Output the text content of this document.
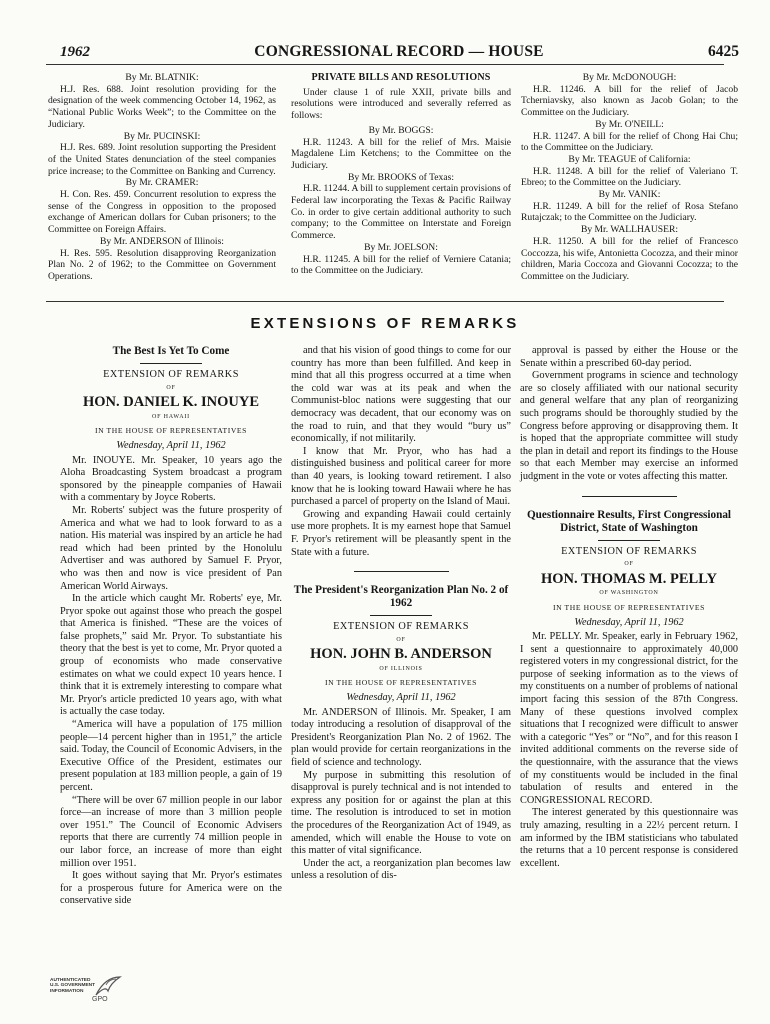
1962	CONGRESSIONAL RECORD — HOUSE	6425

By Mr. BLATNIK:

H.J. Res. 688. Joint resolution providing for the designation of the week commencing October 14, 1962, as “National Public Works Week”; to the Committee on the Judiciary.

By Mr. PUCINSKI:

H.J. Res. 689. Joint resolution supporting the President of the United States denunciation of the steel companies price increase; to the Committee on Banking and Currency.

By Mr. CRAMER:

H. Con. Res. 459. Concurrent resolution to express the sense of the Congress in opposition to the proposed exchange of American dollars for Cuban prisoners; to the Committee on Foreign Affairs.

By Mr. ANDERSON of Illinois:

H. Res. 595. Resolution disapproving Reorganization Plan No. 2 of 1962; to the Committee on Government Operations.

PRIVATE BILLS AND RESOLUTIONS

Under clause 1 of rule XXII, private bills and resolutions were introduced and severally referred as follows:

By Mr. BOGGS:

H.R. 11243. A bill for the relief of Mrs. Maisie Magdalene Lim Ketchens; to the Committee on the Judiciary.

By Mr. BROOKS of Texas:

H.R. 11244. A bill to supplement certain provisions of Federal law incorporating the Texas & Pacific Railway Co. in order to give certain additional authority to such company; to the Committee on Interstate and Foreign Commerce.

By Mr. JOELSON:

H.R. 11245. A bill for the relief of Verniere Catania; to the Committee on the Judiciary.

By Mr. McDONOUGH:

H.R. 11246. A bill for the relief of Jacob Tcherniavsky, also known as Jacob Golan; to the Committee on the Judiciary.

By Mr. O'NEILL:

H.R. 11247. A bill for the relief of Chong Hai Chu; to the Committee on the Judiciary.

By Mr. TEAGUE of California:

H.R. 11248. A bill for the relief of Valeriano T. Ebreo; to the Committee on the Judiciary.

By Mr. VANIK:

H.R. 11249. A bill for the relief of Rosa Stefano Rutajczak; to the Committee on the Judiciary.

By Mr. WALLHAUSER:

H.R. 11250. A bill for the relief of Francesco Coccozza, his wife, Antonietta Cocozza, and their minor children, Maria Coccoza and Giovanni Cocozza; to the Committee on the Judiciary.

EXTENSIONS OF REMARKS
The Best Is Yet To Come
EXTENSION OF REMARKS
OF
HON. DANIEL K. INOUYE
OF HAWAII
IN THE HOUSE OF REPRESENTATIVES
Wednesday, April 11, 1962

Mr. INOUYE. Mr. Speaker, 10 years ago the Aloha Broadcasting System broadcast a program sponsored by the pineapple companies of Hawaii with a commentary by Joyce Roberts.

Mr. Roberts' subject was the future prosperity of America and what we had to look forward to as a nation. His material was inspired by an article he had read which had been printed by the Honolulu Advertiser and was authored by Samuel F. Pryor, who was then and now is vice president of Pan American World Airways.

In the article which caught Mr. Roberts' eye, Mr. Pryor spoke out against those who preach the gospel that America is finished. “These are the voices of false prophets,” said Mr. Pryor. To substantiate his theory that the best is yet to come, Mr. Pryor quoted a group of economists who made conservative estimates on what we could expect 10 years hence. I think that it is extremely interesting to compare what Mr. Pryor's article predicted 10 years ago, with what is actually the case today.

“America will have a population of 175 million people—14 percent higher than in 1951,” the article said. Today, the Council of Economic Advisers, in the Executive Office of the President, estimates our present population at 183 million people, a gain of 19 percent.

“There will be over 67 million people in our labor force—an increase of more than 3 million people over 1951.” The Council of Economic Advisers reports that there are currently 74 million people in our labor force, an increase of more than eight million over 1951.

It goes without saying that Mr. Pryor's estimates for a prosperous future for America were on the conservative side

and that his vision of good things to come for our country has more than been fulfilled. And keep in mind that all this progress occurred at a time when the cold war was at its peak and when the Communist-bloc nations were suggesting that our democracy was decadent, that our economy was on the road to ruin, and that they would “bury us” economically, if not militarily.

I know that Mr. Pryor, who has had a distinguished business and political career for more than 40 years, is looking toward retirement. I also know that he is looking toward Hawaii where he has purchased a parcel of property on the Island of Maui.

Growing and expanding Hawaii could certainly use more prophets. It is my earnest hope that Samuel F. Pryor's retirement will be pleasantly spent in the State with a future.

The President's Reorganization Plan No. 2 of 1962
EXTENSION OF REMARKS
OF
HON. JOHN B. ANDERSON
OF ILLINOIS
IN THE HOUSE OF REPRESENTATIVES
Wednesday, April 11, 1962

Mr. ANDERSON of Illinois. Mr. Speaker, I am today introducing a resolution of disapproval of the President's Reorganization Plan No. 2 of 1962. The plan would provide for certain reorganizations in the field of science and technology.

My purpose in submitting this resolution of disapproval is purely technical and is not intended to express any position for or against the plan at this time. The resolution is introduced to set in motion the procedures of the Reorganization Act of 1949, as amended, which will enable the House to vote on this matter of vital significance.

Under the act, a reorganization plan becomes law unless a resolution of dis-

approval is passed by either the House or the Senate within a prescribed 60-day period.

Government programs in science and technology are so closely affiliated with our national security and general welfare that any plan of reorganizing such programs should be thoroughly studied by the Congress before approving or disapproving them. It is hoped that the appropriate committee will study the plan in detail and report its findings to the House so that each Member may exercise an informed judgment in the vote or votes affecting this matter.

Questionnaire Results, First Congressional District, State of Washington
EXTENSION OF REMARKS
OF
HON. THOMAS M. PELLY
OF WASHINGTON
IN THE HOUSE OF REPRESENTATIVES
Wednesday, April 11, 1962

Mr. PELLY. Mr. Speaker, early in February 1962, I sent a questionnaire to approximately 40,000 registered voters in my congressional district, for the purpose of seeking information as to the views of my constituents on a number of problems of national import facing this session of the 87th Congress. Many of these questions involved complex situations that I recognized were difficult to answer with a categoric “Yes” or “No”, and for this reason I invited additional comments on the reverse side of the questionnaire, with the assurance that the views of my constituents would be included in the final tabulation of results and entered in the CONGRESSIONAL RECORD.

The interest generated by this questionnaire was truly amazing, resulting in a 22½ percent return. I am informed by the IBM statisticians who tabulated the returns that a 10 percent response is considered excellent.

AUTHENTICATED
U.S. GOVERNMENT
INFORMATION
GPO
